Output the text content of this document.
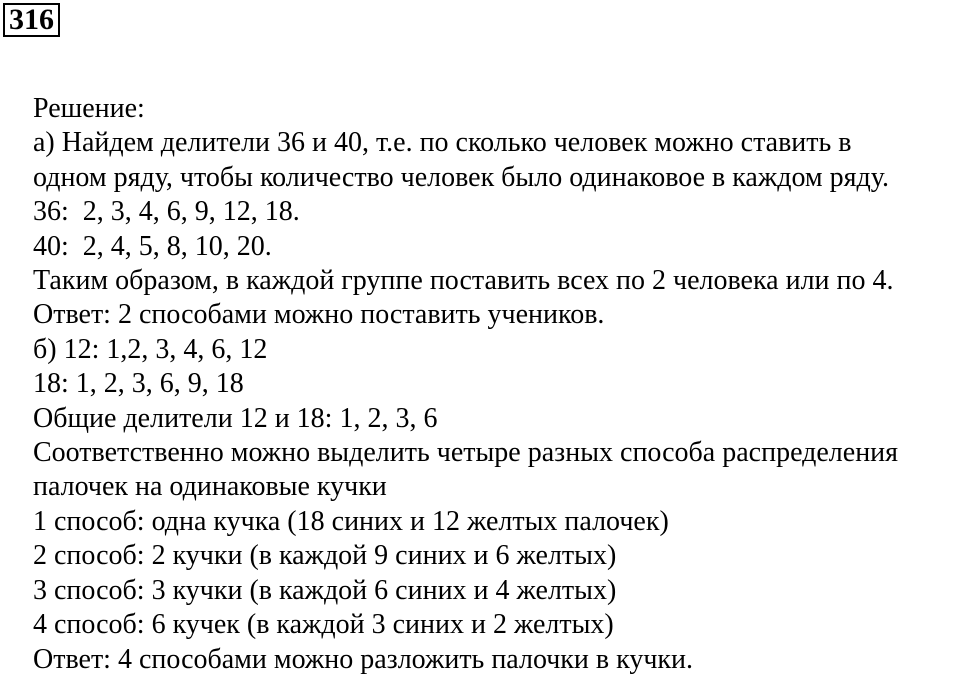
316
Решение:
а) Найдем делители 36 и 40, т.е. по сколько человек можно ставить в
одном ряду, чтобы количество человек было одинаковое в каждом ряду.
36:  2, 3, 4, 6, 9, 12, 18.
40:  2, 4, 5, 8, 10, 20.
Таким образом, в каждой группе поставить всех по 2 человека или по 4.
Ответ: 2 способами можно поставить учеников.
б) 12: 1,2, 3, 4, 6, 12
18: 1, 2, 3, 6, 9, 18
Общие делители 12 и 18: 1, 2, 3, 6
Соответственно можно выделить четыре разных способа распределения
палочек на одинаковые кучки
1 способ: одна кучка (18 синих и 12 желтых палочек)
2 способ: 2 кучки (в каждой 9 синих и 6 желтых)
3 способ: 3 кучки (в каждой 6 синих и 4 желтых)
4 способ: 6 кучек (в каждой 3 синих и 2 желтых)
Ответ: 4 способами можно разложить палочки в кучки.
